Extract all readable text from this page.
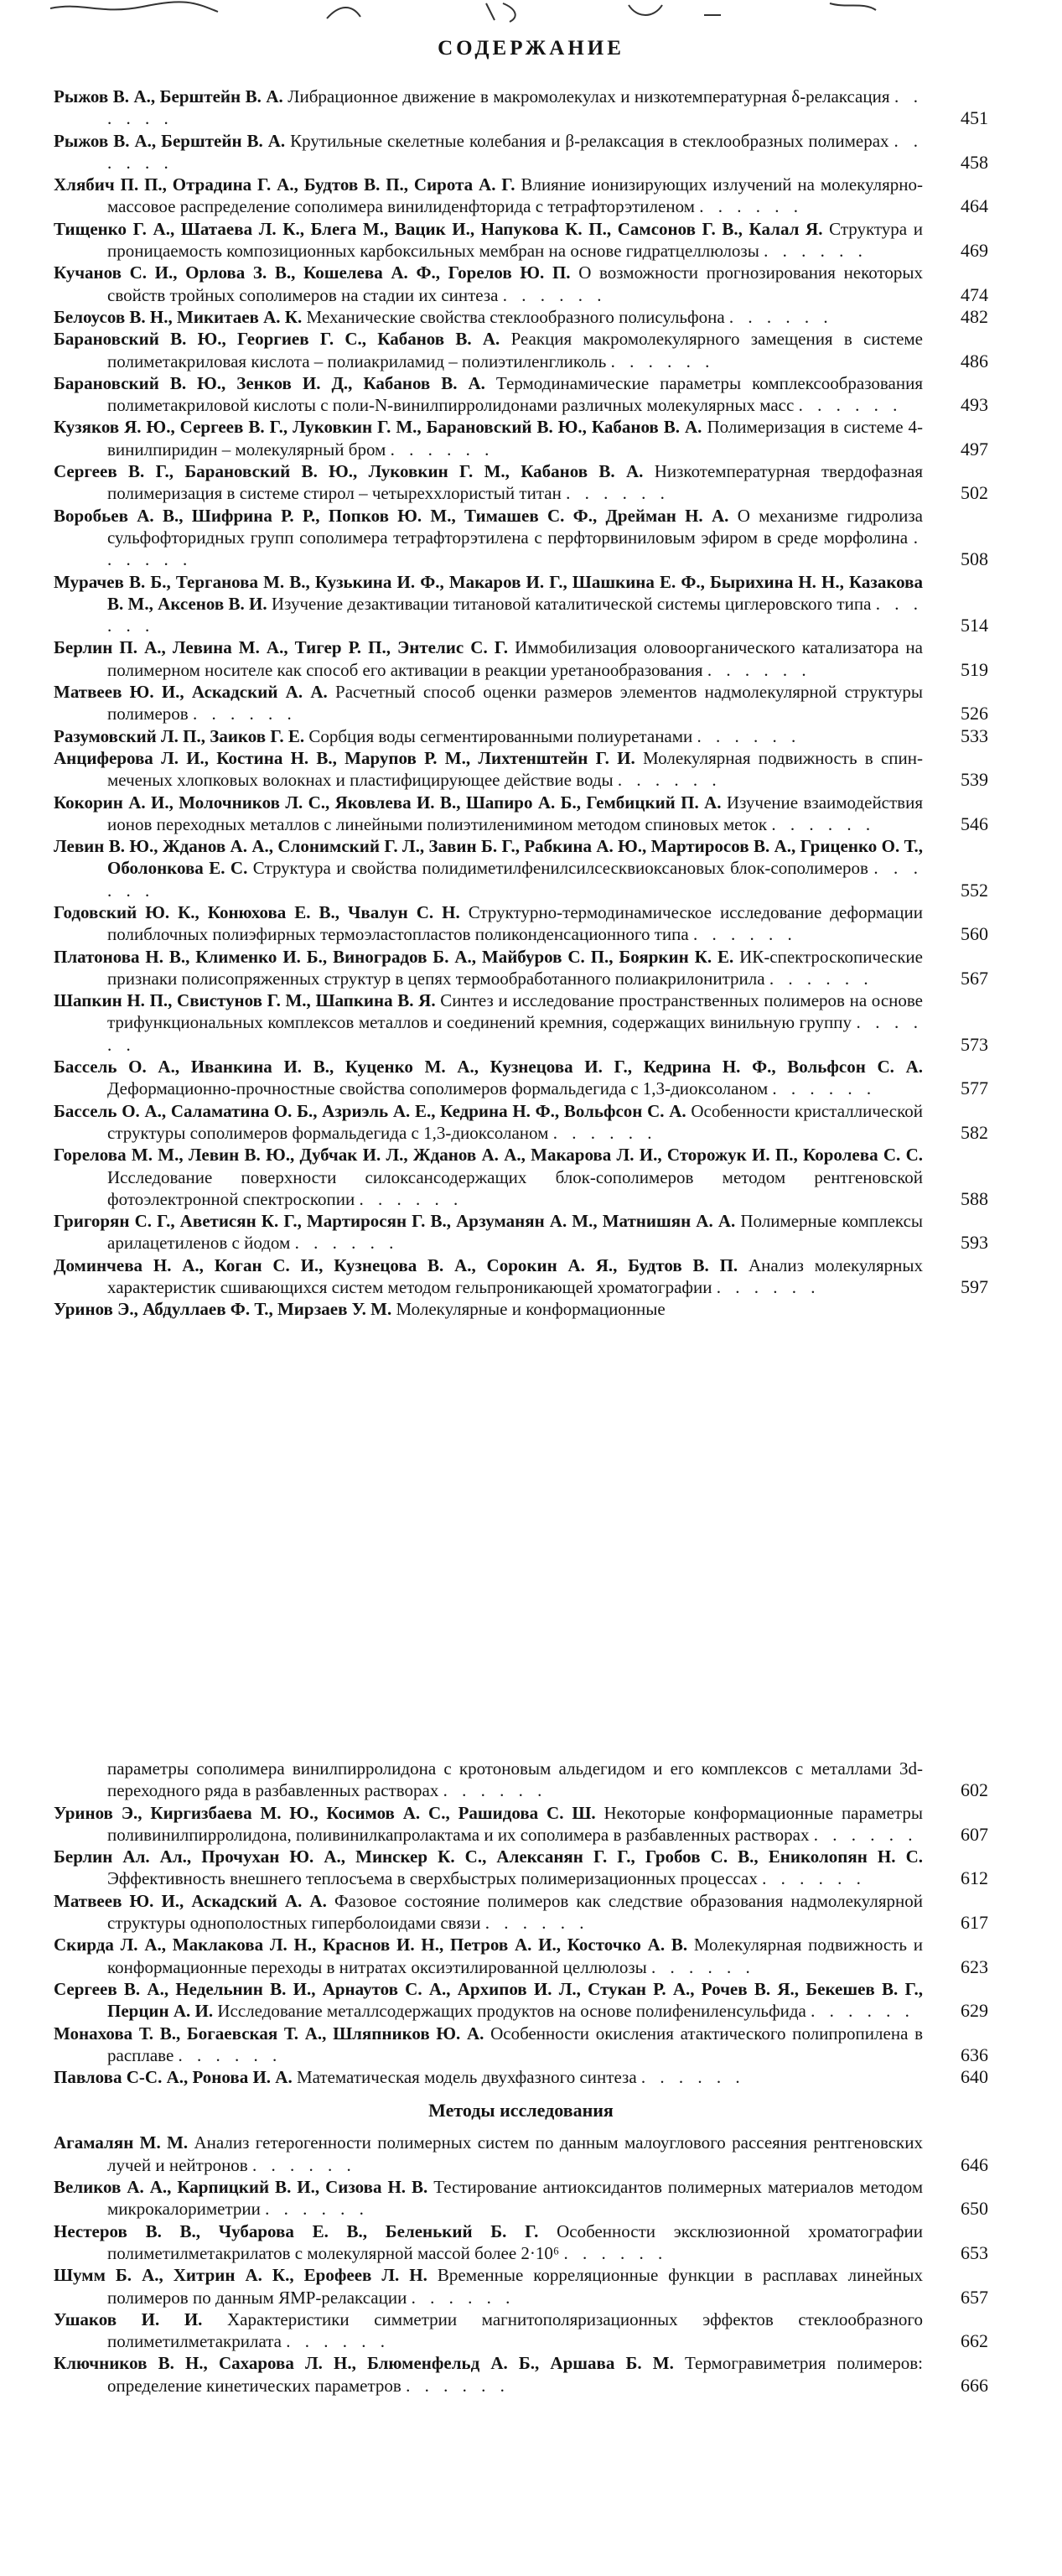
СОДЕРЖАНИЕ
Рыжов В. А., Берштейн В. А. Либрационное движение в макромолекулах и низкотемпературная δ-релаксация . . . . . .	451
Рыжов В. А., Берштейн В. А. Крутильные скелетные колебания и β-релаксация в стеклообразных полимерах . . . . . .	458
Хлябич П. П., Отрадина Г. А., Будтов В. П., Сирота А. Г. Влияние ионизирующих излучений на молекулярно-массовое распределение сополимера винилиденфторида с тетрафторэтиленом . . . . . .	464
Тищенко Г. А., Шатаева Л. К., Блега М., Вацик И., Напукова К. П., Самсонов Г. В., Калал Я. Структура и проницаемость композиционных карбоксильных мембран на основе гидратцеллюлозы . . . . . .	469
Кучанов С. И., Орлова З. В., Кошелева А. Ф., Горелов Ю. П. О возможности прогнозирования некоторых свойств тройных сополимеров на стадии их синтеза . . . . . .	474
Белоусов В. Н., Микитаев А. К. Механические свойства стеклообразного полисульфона . . . . . .	482
Барановский В. Ю., Георгиев Г. С., Кабанов В. А. Реакция макромолекулярного замещения в системе полиметакриловая кислота – полиакриламид – полиэтиленгликоль . . . . . .	486
Барановский В. Ю., Зенков И. Д., Кабанов В. А. Термодинамические параметры комплексообразования полиметакриловой кислоты с поли-N-винилпирролидонами различных молекулярных масс . . . . . .	493
Кузяков Я. Ю., Сергеев В. Г., Луковкин Г. М., Барановский В. Ю., Кабанов В. А. Полимеризация в системе 4-винилпиридин – молекулярный бром . . . . . .	497
Сергеев В. Г., Барановский В. Ю., Луковкин Г. М., Кабанов В. А. Низкотемпературная твердофазная полимеризация в системе стирол – четыреххлористый титан . . . . . .	502
Воробьев А. В., Шифрина Р. Р., Попков Ю. М., Тимашев С. Ф., Дрейман Н. А. О механизме гидролиза сульфофторидных групп сополимера тетрафторэтилена с перфторвиниловым эфиром в среде морфолина . . . . . .	508
Мурачев В. Б., Терганова М. В., Кузькина И. Ф., Макаров И. Г., Шашкина Е. Ф., Бырихина Н. Н., Казакова В. М., Аксенов В. И. Изучение дезактивации титановой каталитической системы циглеровского типа . . . . . .	514
Берлин П. А., Левина М. А., Тигер Р. П., Энтелис С. Г. Иммобилизация оловоорганического катализатора на полимерном носителе как способ его активации в реакции уретанообразования . . . . . .	519
Матвеев Ю. И., Аскадский А. А. Расчетный способ оценки размеров элементов надмолекулярной структуры полимеров . . . . . .	526
Разумовский Л. П., Заиков Г. Е. Сорбция воды сегментированными полиуретанами . . . . . .	533
Анциферова Л. И., Костина Н. В., Марупов Р. М., Лихтенштейн Г. И. Молекулярная подвижность в спин-меченых хлопковых волокнах и пластифицирующее действие воды . . . . . .	539
Кокорин А. И., Молочников Л. С., Яковлева И. В., Шапиро А. Б., Гембицкий П. А. Изучение взаимодействия ионов переходных металлов с линейными полиэтиленимином методом спиновых меток . . . . . .	546
Левин В. Ю., Жданов А. А., Слонимский Г. Л., Завин Б. Г., Рабкина А. Ю., Мартиросов В. А., Гриценко О. Т., Оболонкова Е. С. Структура и свойства полидиметилфенилсилсесквиоксановых блок-сополимеров . . . . . .	552
Годовский Ю. К., Конюхова Е. В., Чвалун С. Н. Структурно-термодинамическое исследование деформации полиблочных полиэфирных термоэластопластов поликонденсационного типа . . . . . .	560
Платонова Н. В., Клименко И. Б., Виноградов Б. А., Майбуров С. П., Бояркин К. Е. ИК-спектроскопические признаки полисопряженных структур в цепях термообработанного полиакрилонитрила . . . . . .	567
Шапкин Н. П., Свистунов Г. М., Шапкина В. Я. Синтез и исследование пространственных полимеров на основе трифункциональных комплексов металлов и соединений кремния, содержащих винильную группу . . . . . .	573
Бассель О. А., Иванкина И. В., Куценко М. А., Кузнецова И. Г., Кедрина Н. Ф., Вольфсон С. А. Деформационно-прочностные свойства сополимеров формальдегида с 1,3-диоксоланом . . . . . .	577
Бассель О. А., Саламатина О. Б., Азриэль А. Е., Кедрина Н. Ф., Вольфсон С. А. Особенности кристаллической структуры сополимеров формальдегида с 1,3-диоксоланом . . . . . .	582
Горелова М. М., Левин В. Ю., Дубчак И. Л., Жданов А. А., Макарова Л. И., Сторожук И. П., Королева С. С. Исследование поверхности силоксансодержащих блок-сополимеров методом рентгеновской фотоэлектронной спектроскопии . . . . . .	588
Григорян С. Г., Аветисян К. Г., Мартиросян Г. В., Арзуманян А. М., Матнишян А. А. Полимерные комплексы арилацетиленов с йодом . . . . . .	593
Доминчева Н. А., Коган С. И., Кузнецова В. А., Сорокин А. Я., Будтов В. П. Анализ молекулярных характеристик сшивающихся систем методом гельпроникающей хроматографии . . . . . .	597
Уринов Э., Абдуллаев Ф. Т., Мирзаев У. М. Молекулярные и конформационные
параметры сополимера винилпирролидона с кротоновым альдегидом и его комплексов с металлами 3d-переходного ряда в разбавленных растворах . . . . . .	602
Уринов Э., Киргизбаева М. Ю., Косимов А. С., Рашидова С. Ш. Некоторые конформационные параметры поливинилпирролидона, поливинилкапролактама и их сополимера в разбавленных растворах . . . . . .	607
Берлин Ал. Ал., Прочухан Ю. А., Минскер К. С., Алексанян Г. Г., Гробов С. В., Ениколопян Н. С. Эффективность внешнего теплосъема в сверхбыстрых полимеризационных процессах . . . . . .	612
Матвеев Ю. И., Аскадский А. А. Фазовое состояние полимеров как следствие образования надмолекулярной структуры однополостных гиперболоидами связи . . . . . .	617
Скирда Л. А., Маклакова Л. Н., Краснов И. Н., Петров А. И., Косточко А. В. Молекулярная подвижность и конформационные переходы в нитратах оксиэтилированной целлюлозы . . . . . .	623
Сергеев В. А., Недельнин В. И., Арнаутов С. А., Архипов И. Л., Стукан Р. А., Рочев В. Я., Бекешев В. Г., Перцин А. И. Исследование металлсодержащих продуктов на основе полифениленсульфида . . . . . .	629
Монахова Т. В., Богаевская Т. А., Шляпников Ю. А. Особенности окисления атактического полипропилена в расплаве . . . . . .	636
Павлова С-С. А., Ронова И. А. Математическая модель двухфазного синтеза . . . . . .	640
Методы исследования
Агамалян М. М. Анализ гетерогенности полимерных систем по данным малоуглового рассеяния рентгеновских лучей и нейтронов . . . . . .	646
Великов А. А., Карпицкий В. И., Сизова Н. В. Тестирование антиоксидантов полимерных материалов методом микрокалориметрии . . . . . .	650
Нестеров В. В., Чубарова Е. В., Беленький Б. Г. Особенности эксклюзионной хроматографии полиметилметакрилатов с молекулярной массой более 2·10⁶ . . . . . .	653
Шумм Б. А., Хитрин А. К., Ерофеев Л. Н. Временные корреляционные функции в расплавах линейных полимеров по данным ЯМР-релаксации . . . . . .	657
Ушаков И. И. Характеристики симметрии магнитополяризационных эффектов стеклообразного полиметилметакрилата . . . . . .	662
Ключников В. Н., Сахарова Л. Н., Блюменфельд А. Б., Аршава Б. М. Термогравиметрия полимеров: определение кинетических параметров . . . . . .	666
